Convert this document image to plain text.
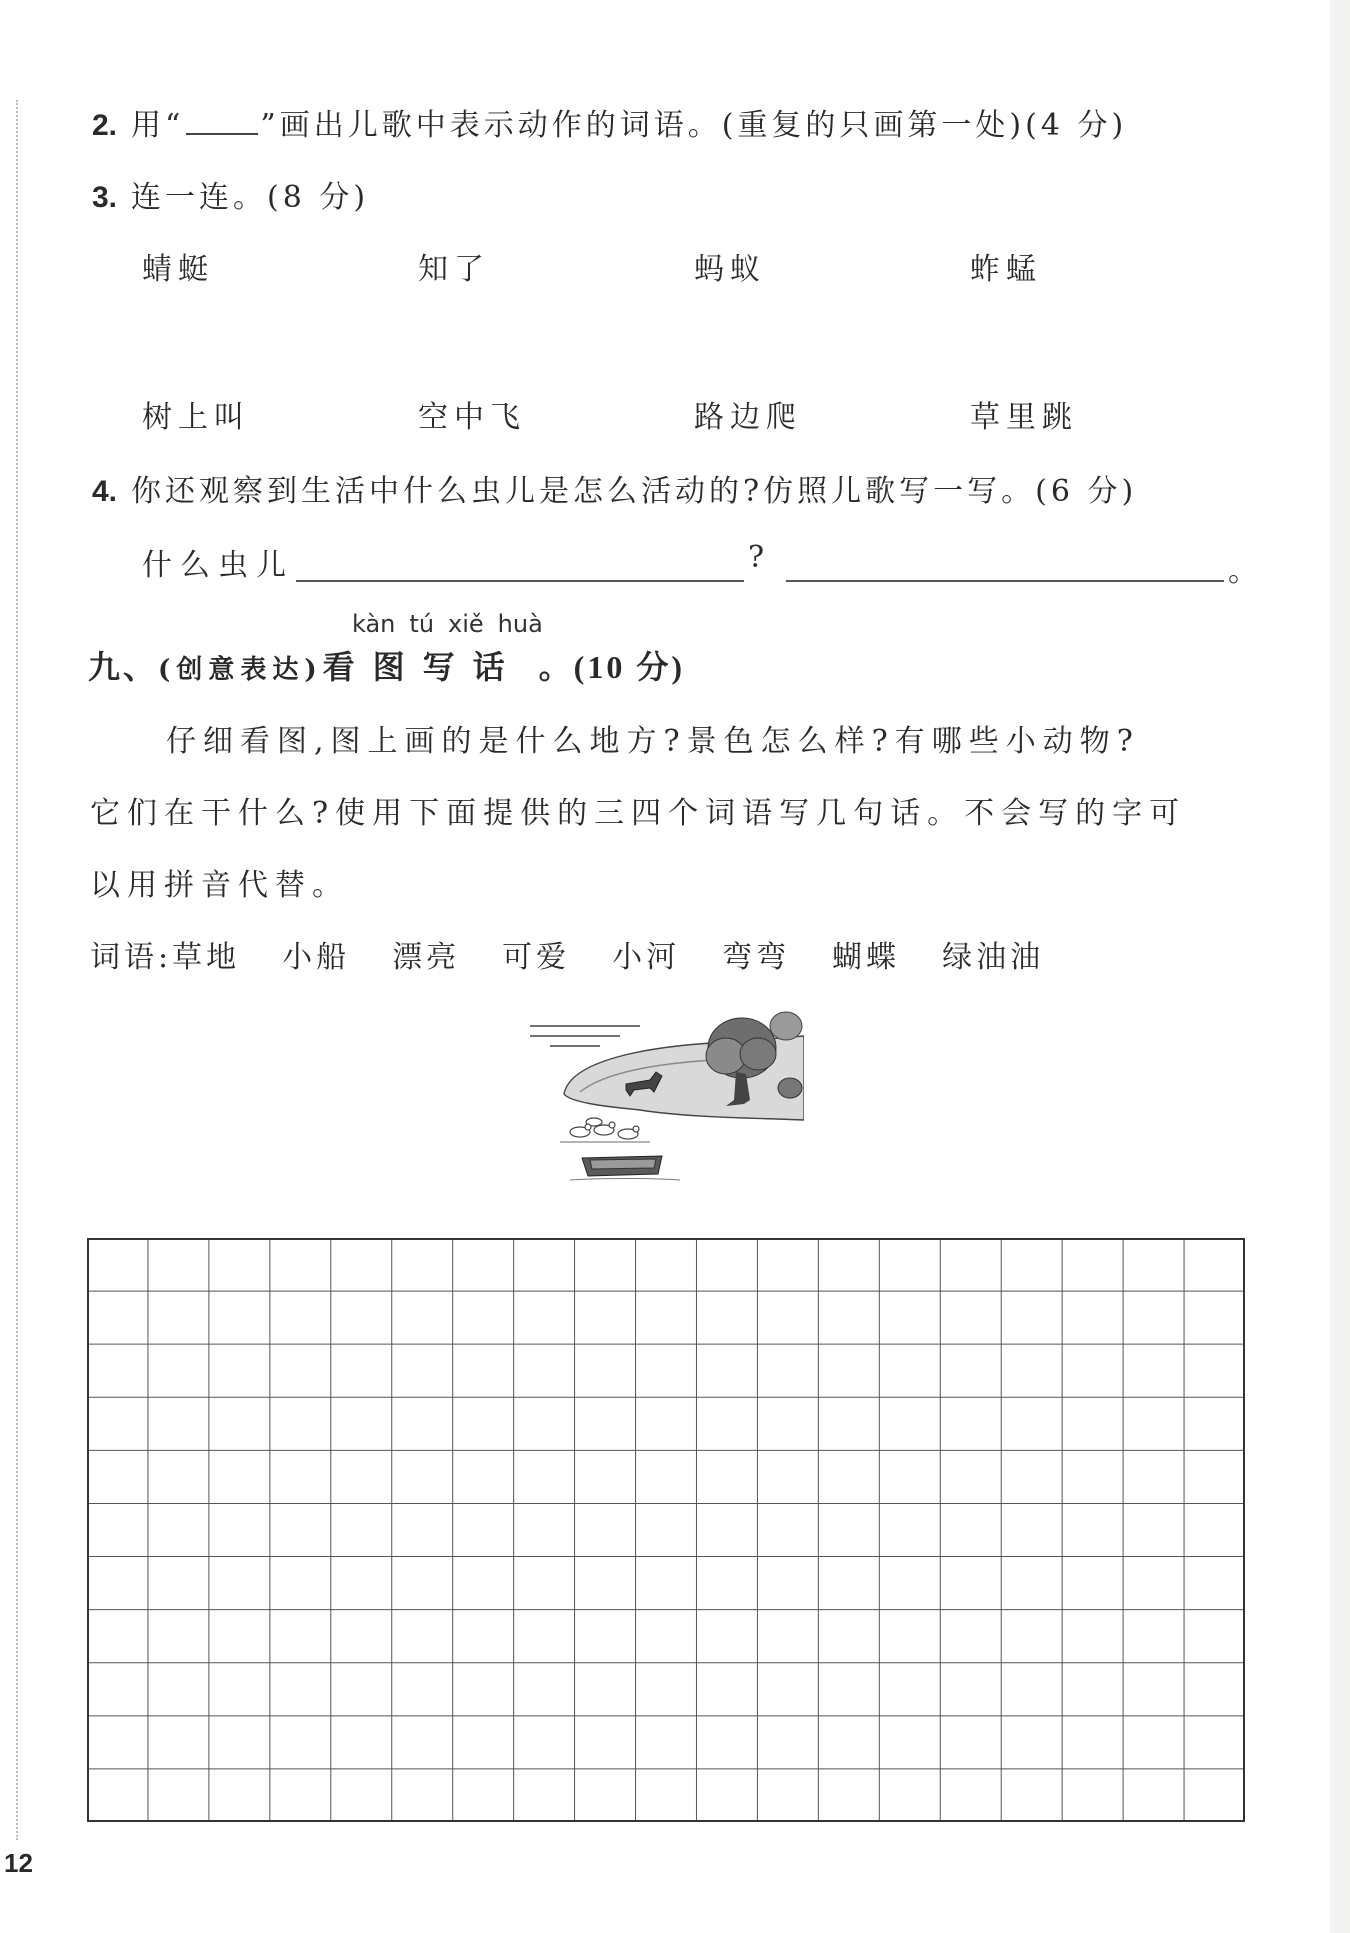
2. 用“	”画出儿歌中表示动作的词语。(重复的只画第一处)(4 分)
3. 连一连。(8 分)
蜻蜓	知了	蚂蚁	蚱蜢
树上叫	空中飞	路边爬	草里跳
4. 你还观察到生活中什么虫儿是怎么活动的?仿照儿歌写一写。(6 分)
什么虫儿	?	。
kàn tú xiě huà
九、(创意表达)看图写话 。(10 分)
仔细看图,图上画的是什么地方?景色怎么样?有哪些小动物?
它们在干什么?使用下面提供的三四个词语写几句话。不会写的字可
以用拼音代替。
词语:草地 小船 漂亮 可爱 小河 弯弯 蝴蝶 绿油油
12
